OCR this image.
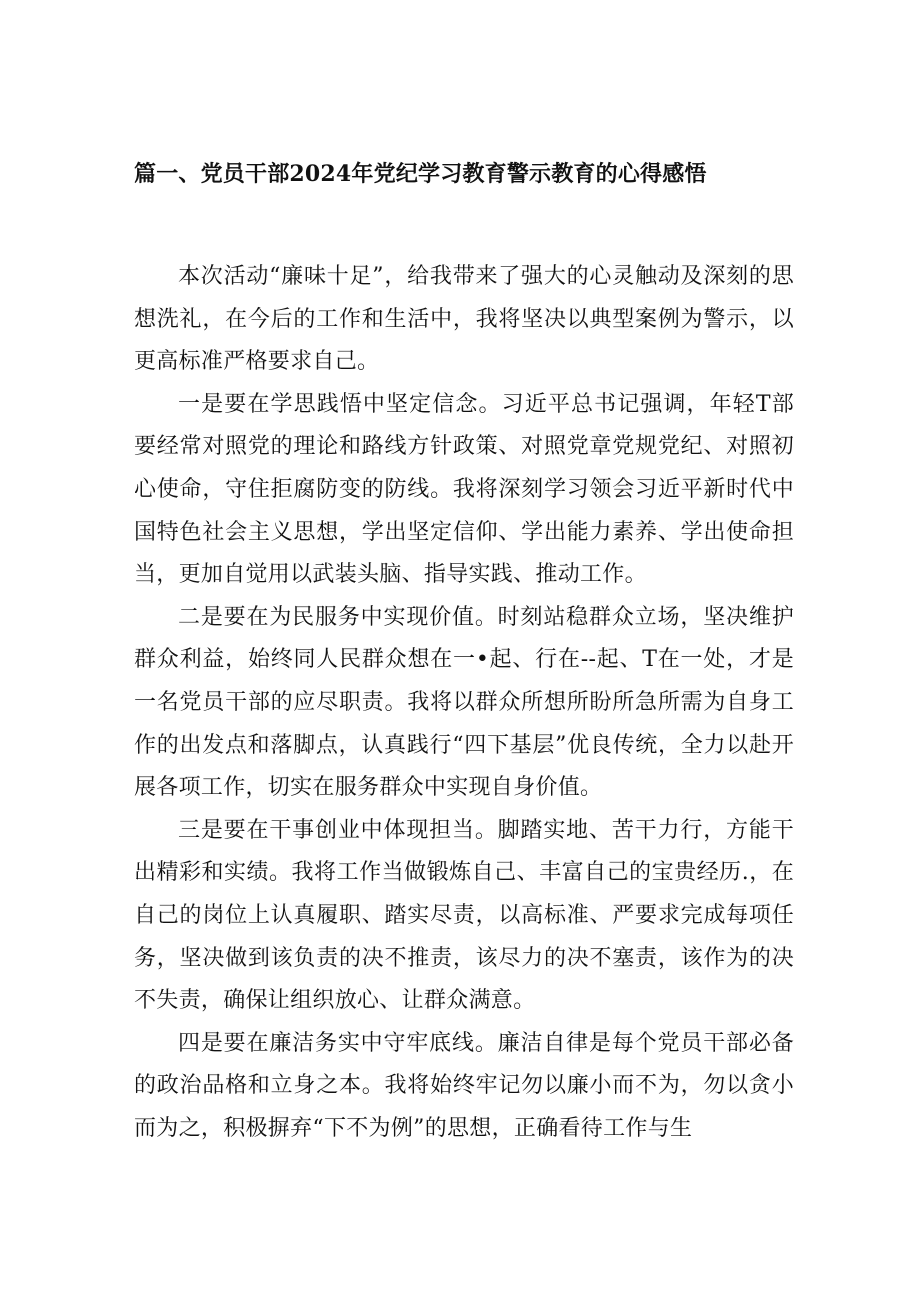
篇一、党员干部2024年党纪学习教育警示教育的心得感悟

本次活动“廉味十足”，给我带来了强大的心灵触动及深刻的思想洗礼，在今后的工作和生活中，我将坚决以典型案例为警示，以更高标准严格要求自己。

一是要在学思践悟中坚定信念。习近平总书记强调，年轻T部要经常对照党的理论和路线方针政策、对照党章党规党纪、对照初心使命，守住拒腐防变的防线。我将深刻学习领会习近平新时代中国特色社会主义思想，学出坚定信仰、学出能力素养、学出使命担当，更加自觉用以武装头脑、指导实践、推动工作。

二是要在为民服务中实现价值。时刻站稳群众立场，坚决维护群众利益，始终同人民群众想在一•起、行在--起、T在一处，才是一名党员干部的应尽职责。我将以群众所想所盼所急所需为自身工作的出发点和落脚点，认真践行“四下基层”优良传统，全力以赴开展各项工作，切实在服务群众中实现自身价值。

三是要在干事创业中体现担当。脚踏实地、苦干力行，方能干出精彩和实绩。我将工作当做锻炼自己、丰富自己的宝贵经历.，在自己的岗位上认真履职、踏实尽责，以高标准、严要求完成每项任务，坚决做到该负责的决不推责，该尽力的决不塞责，该作为的决不失责，确保让组织放心、让群众满意。

四是要在廉洁务实中守牢底线。廉洁自律是每个党员干部必备的政治品格和立身之本。我将始终牢记勿以廉小而不为，勿以贪小而为之，积极摒弃“下不为例”的思想，正确看待工作与生
